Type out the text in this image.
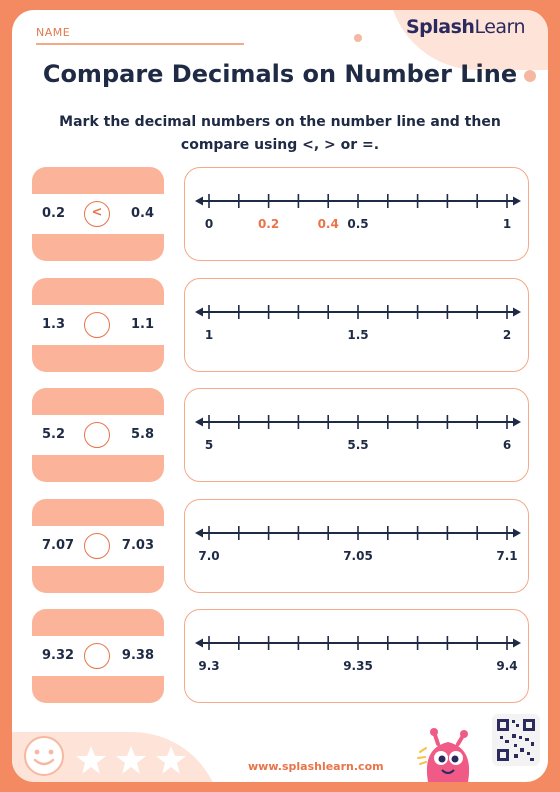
NAME	SplashLearn
Compare Decimals on Number Line
Mark the decimal numbers on the number line and then
compare using <, > or =.
0.2	<	0.4
0	0.5	1
0.2	0.4
1.3	1.1
1	1.5	2
5.2	5.8
5	5.5	6
7.07	7.03
7.0	7.05	7.1
9.32	9.38
9.3	9.35	9.4
www.splashlearn.com
